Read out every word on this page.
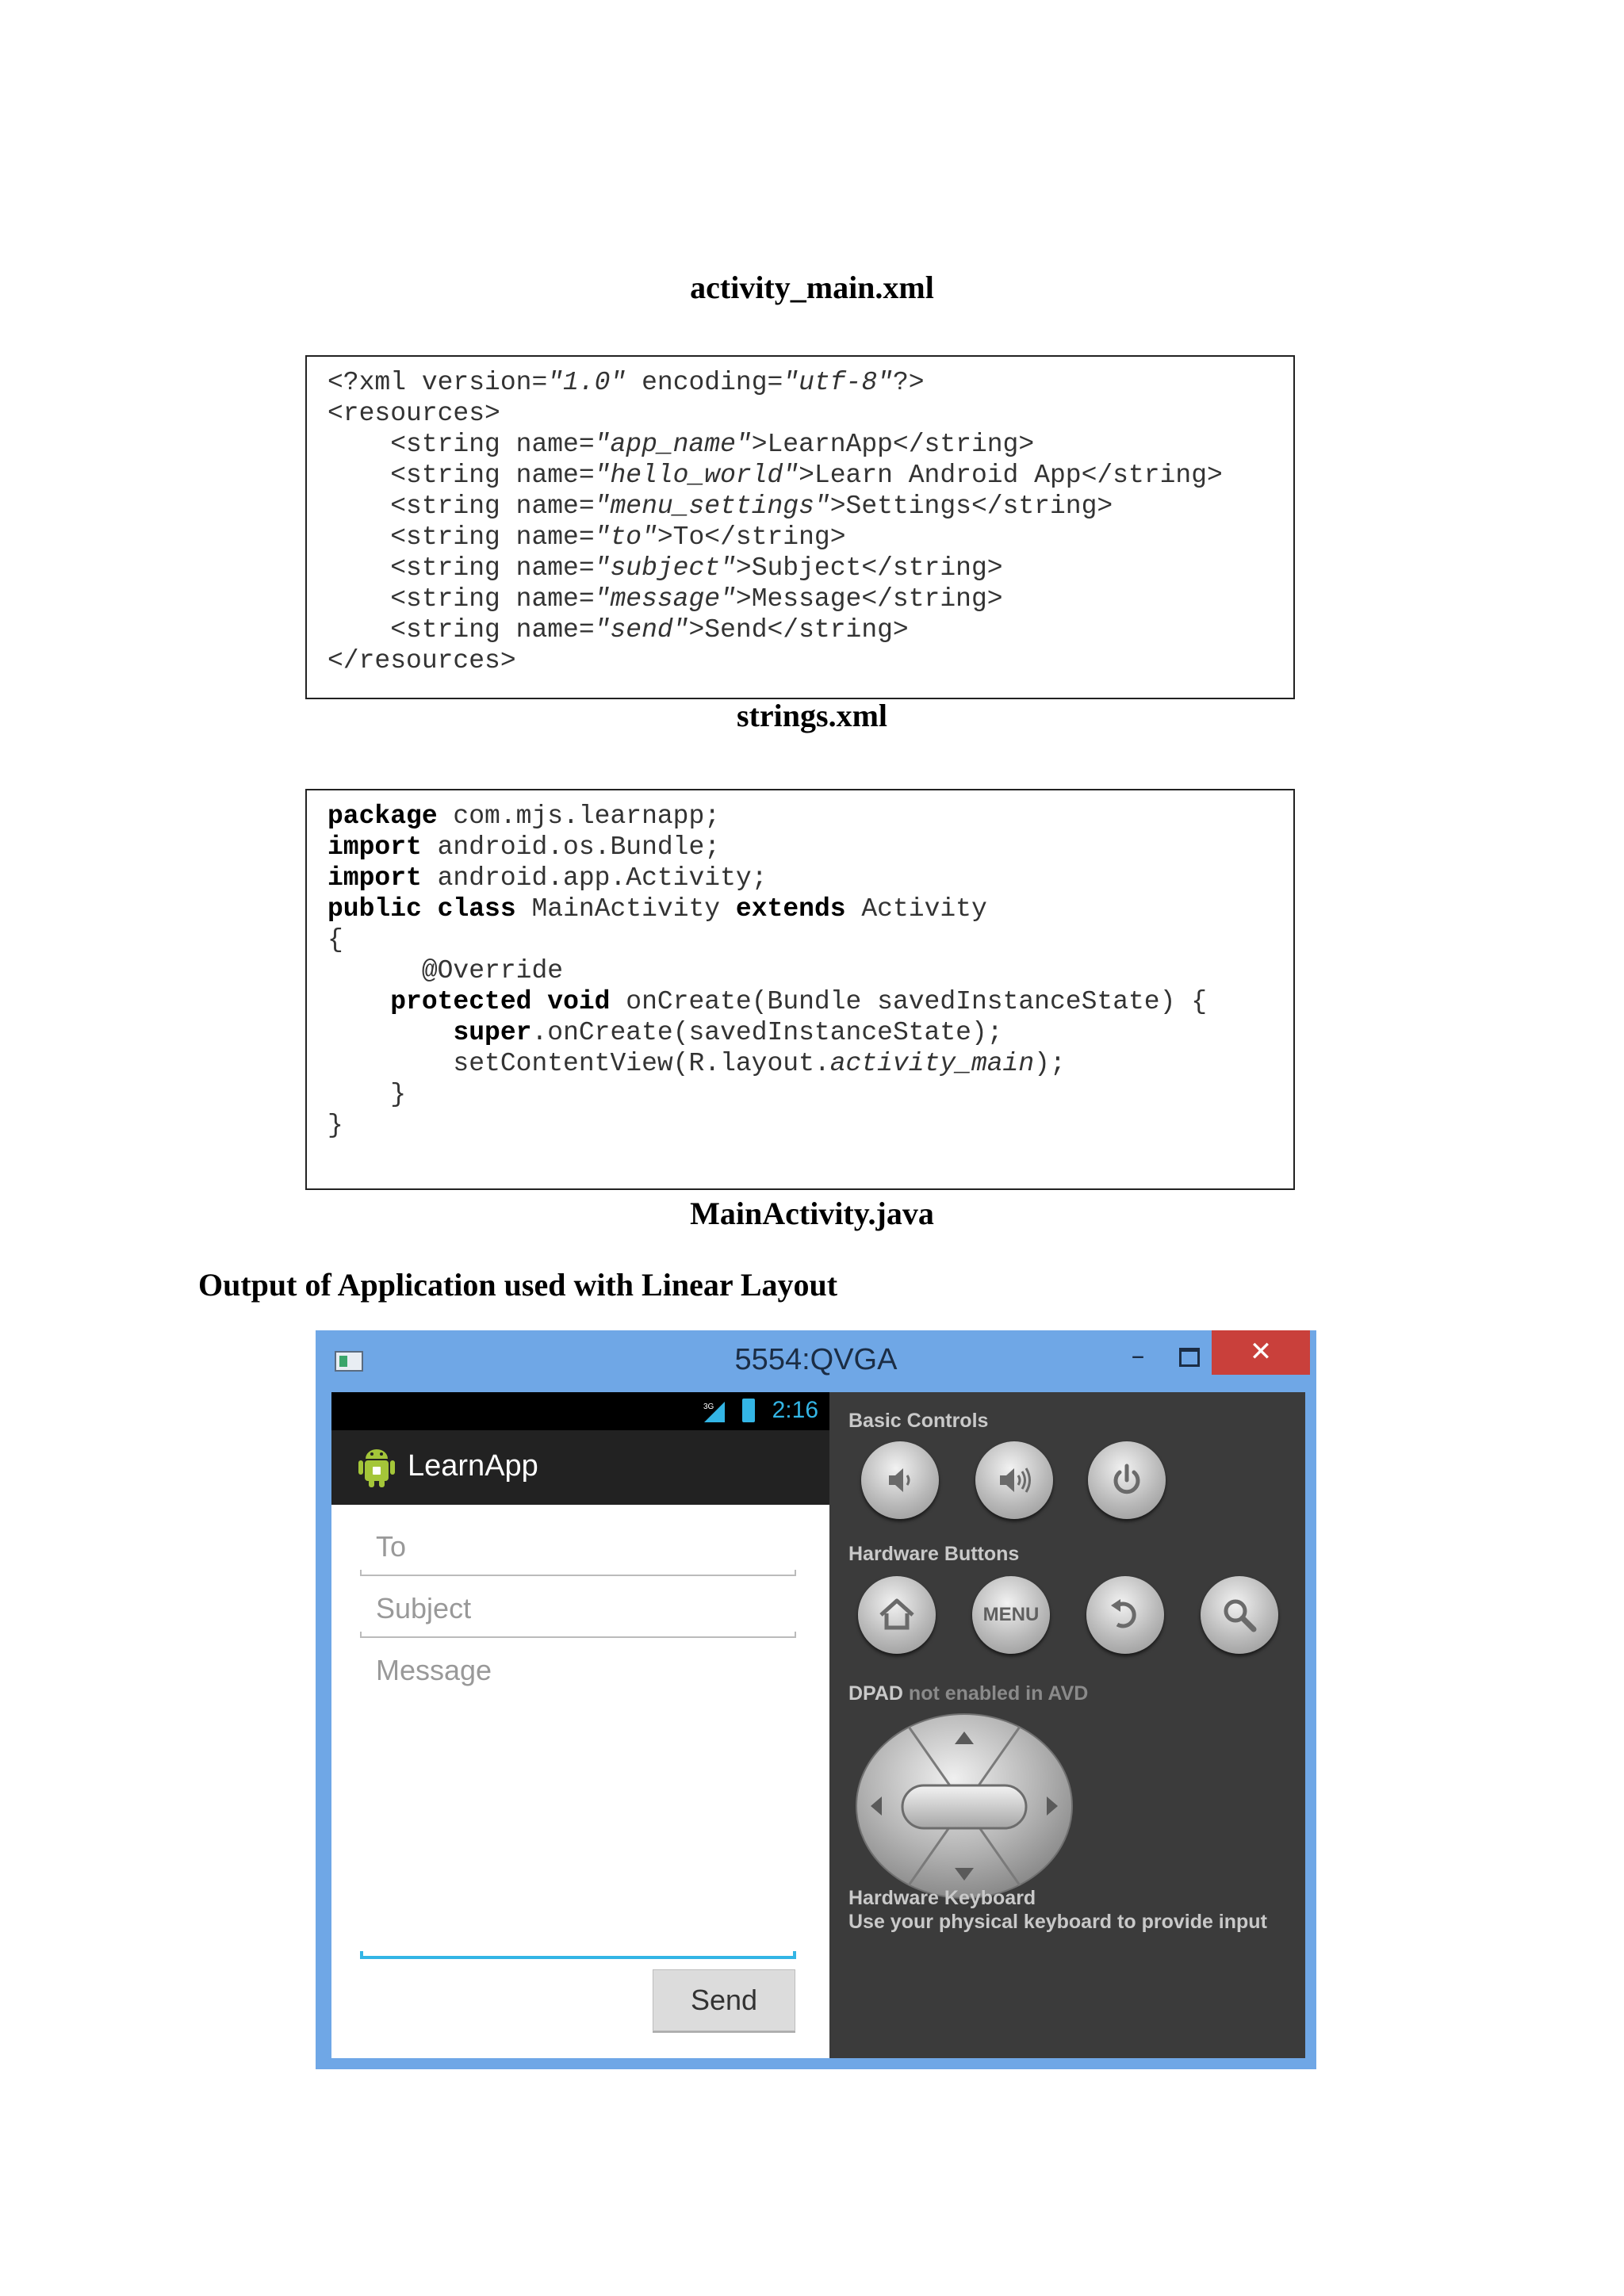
activity_main.xml
<?xml version="1.0" encoding="utf-8"?>
<resources>
<string name="app_name">LearnApp</string>
<string name="hello_world">Learn Android App</string>
<string name="menu_settings">Settings</string>
<string name="to">To</string>
<string name="subject">Subject</string>
<string name="message">Message</string>
<string name="send">Send</string>
</resources>
strings.xml
package com.mjs.learnapp;
import android.os.Bundle;
import android.app.Activity;
public class MainActivity extends Activity
{
@Override
protected void onCreate(Bundle savedInstanceState) {
super.onCreate(savedInstanceState);
setContentView(R.layout.activity_main);
}
}
MainActivity.java
Output of Application used with Linear Layout
5554:QVGA	–	✕
3G 2:16
LearnApp
To
Subject
Message
Send
Basic Controls
Hardware Buttons
MENU
DPAD not enabled in AVD
Hardware Keyboard
Use your physical keyboard to provide input
